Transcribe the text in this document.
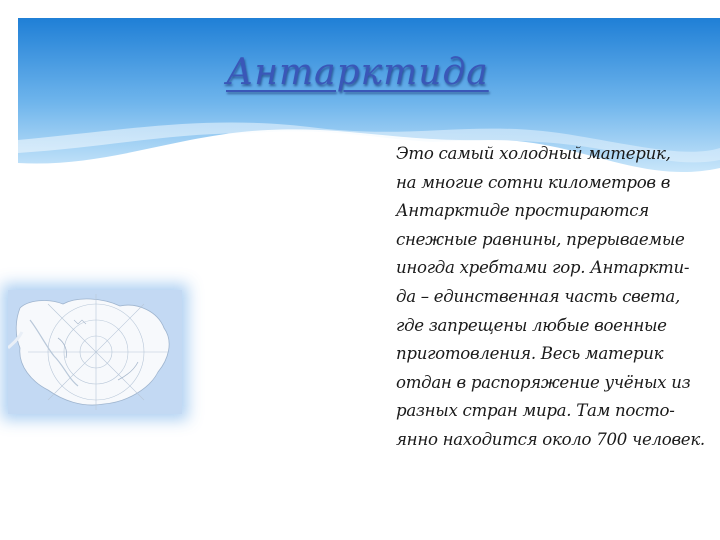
Антарктида
Это самый холодный материк,
на многие сотни километров в
Антарктиде простираются
снежные равнины, прерываемые
иногда хребтами гор. Антаркти-
да – единственная часть света,
где запрещены любые военные
приготовления. Весь материк
отдан в распоряжение учёных из
разных стран мира. Там посто-
янно находится около 700 человек.
